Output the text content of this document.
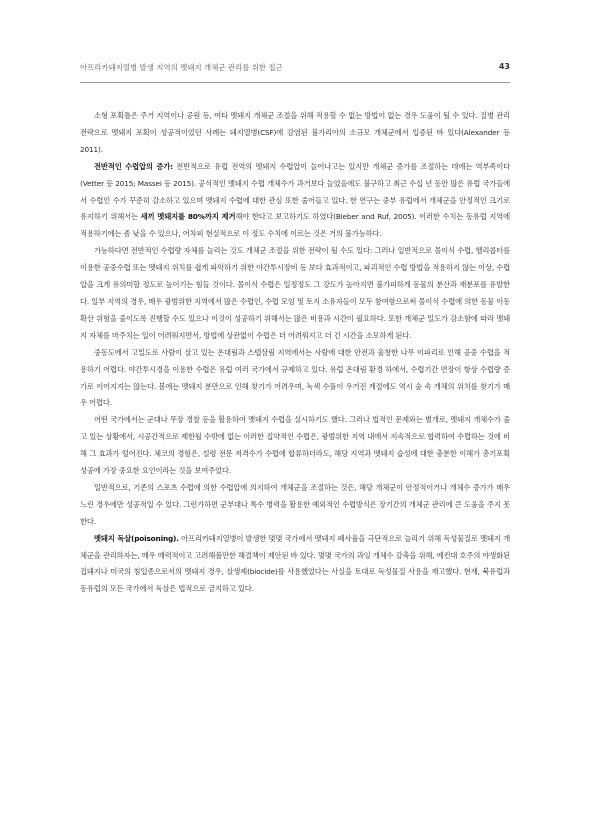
아프리카돼지열병 발생 지역의 멧돼지 개체군 관리를 위한 접근	43

소형 포획틀은 주거 지역이나 공원 등, 여타 멧돼지 개체군 조절을 위해 적용할 수 없는 방법이 없는 경우 도움이 될 수 있다. 질병 관리 전략으로 멧돼지 포획이 성공적이었던 사례는 돼지열병(CSF)에 감염된 불가리아의 소규모 개체군에서 입증된 바 있다(Alexander 등 2011).

전반적인 수렵압의 증가: 전반적으로 유럽 전역의 멧돼지 수렵압이 늘어나고는 있지만 개체군 증가를 조절하는 데에는 역부족이다(Vetter 등 2015; Massei 등 2015). 공식적인 멧돼지 수렵 개체수가 과거보다 늘었음에도 불구하고 최근 수십 년 동안 많은 유럽 국가들에서 수렵인 수가 꾸준히 감소하고 있으며 멧돼지 수렵에 대한 관심 또한 줄어들고 있다. 한 연구는 중부 유럽에서 개체군을 안정적인 크기로 유지하기 위해서는 새끼 멧돼지를 80%까지 제거해야 한다고 보고하기도 하였다(Bieber and Ruf, 2005). 이러한 수치는 동유럽 지역에 적용하기에는 좀 낮을 수 있으나, 어차피 현실적으로 이 정도 수치에 이르는 것은 거의 불가능하다.

가능하다면 전반적인 수렵량 자체를 늘리는 것도 개체군 조절을 위한 전략이 될 수도 있다: 그러나 일반적으로 몰이식 수렵, 헬리콥터를 이용한 공중수렵 또는 멧돼지 위치를 쉽게 파악하기 위한 야간투시장비 등 보다 효과적이고, 파괴적인 수렵 방법을 적용하지 않는 이상, 수렵압을 크게 유의미할 정도로 높이기는 힘들 것이다. 몰이식 수렵은 일정정도 그 강도가 높아지면 불가피하게 동물의 분산과 재분포를 유발한다. 일부 지역의 경우, 매우 광범위한 지역에서 많은 수렵인, 수렵 모임 및 토지 소유자들이 모두 참여함으로써 몰이식 수렵에 의한 동물 이동 확산 위험을 줄이도록 진행할 수도 있으나 이것이 성공하기 위해서는 많은 비용과 시간이 필요하다. 또한 개체군 밀도가 감소함에 따라 멧돼지 자체를 마주치는 일이 어려워지면서, 방법에 상관없이 수렵은 더 어려워지고 더 긴 시간을 소모하게 된다.

중동도에서 고밀도로 사람이 살고 있는 온대림과 스텝삼림 지역에서는 사람에 대한 안전과 울창한 나무 이파리로 인해 공중 수렵을 적용하기 어렵다. 야간투시경을 이용한 수렵은 유럽 여러 국가에서 규제하고 있다. 유럽 온대림 환경 하에서, 수렵기간 연장이 항상 수렵량 증가로 이어지지는 않는다. 봄에는 멧돼지 분만으로 인해 찾기가 어려우며, 녹색 수풀이 우거진 계절에도 역시 숲 속 개체의 위치를 찾기가 매우 어렵다.

어떤 국가에서는 군대나 무장 경찰 등을 활용하여 멧돼지 수렵을 실시하기도 했다. 그러나 법적인 문제와는 별개로, 멧돼지 개체수가 줄고 있는 상황에서, 시공간적으로 제한될 수밖에 없는 이러한 집약적인 수렵은, 광범위한 지역 내에서 지속적으로 협력하여 수렵하는 것에 비해 그 효과가 떨어진다. 체코의 경험은, 설령 전문 저격수가 수렵에 합류하더라도, 해당 지역과 멧돼지 습성에 대한 충분한 이해가 총기포획 성공에 가장 중요한 요인이라는 것을 보여주었다.

일반적으로, 기존의 스포츠 수렵에 의한 수렵압에 의지하여 개체군을 조절하는 것은, 해당 개체군이 안정적이거나 개체수 증가가 매우 느린 경우에만 성공적일 수 있다. 그런가하면 군부대나 특수 병력을 활용한 예외적인 수렵방식은 장기간의 개체군 관리에 큰 도움을 주지 못한다.

멧돼지 독살(poisoning). 아프리카돼지열병이 발생한 몇몇 국가에서 멧돼지 폐사율을 극단적으로 늘리기 위해 독성물질로 멧돼지 개체군을 관리하자는, 매우 매력적이고 고려해볼만한 해결책이 제안된 바 있다. 몇몇 국가의 과잉 개체수 감축을 위해, 예컨대 호주의 야생화된 집돼지나 미국의 침입종으로서의 멧돼지 경우, 살생제(biocide)를 사용했었다는 사실을 토대로 독성물질 사용을 재고했다. 현재, 북유럽과 동유럽의 모든 국가에서 독살은 법적으로 금지하고 있다.
